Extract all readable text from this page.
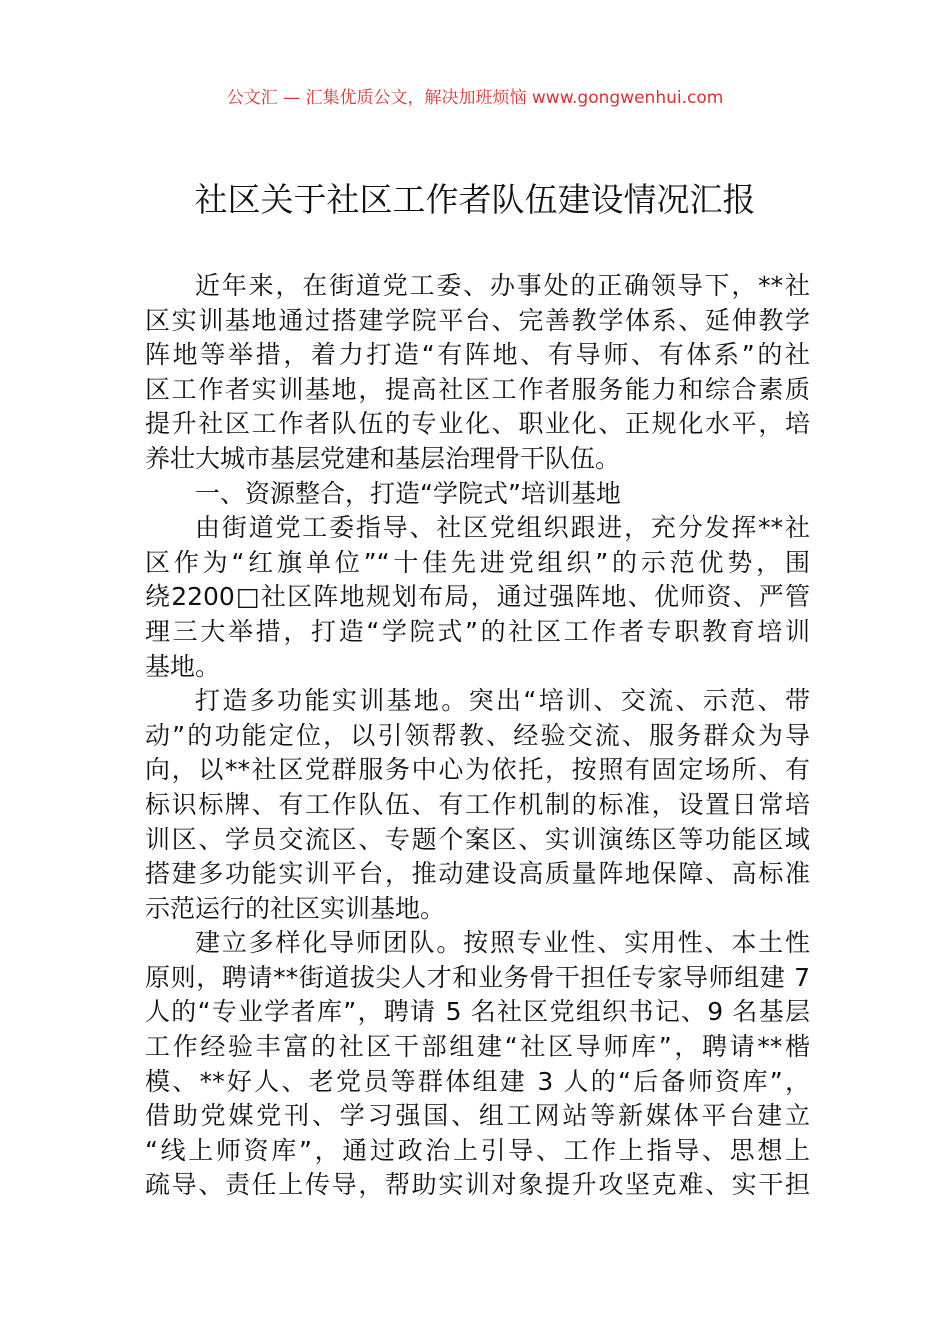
公文汇 — 汇集优质公文，解决加班烦恼 www.gongwenhui.com
社区关于社区工作者队伍建设情况汇报
近年来，在街道党工委、办事处的正确领导下，**社
区实训基地通过搭建学院平台、完善教学体系、延伸教学
阵地等举措，着力打造“有阵地、有导师、有体系”的社
区工作者实训基地，提高社区工作者服务能力和综合素质
提升社区工作者队伍的专业化、职业化、正规化水平，培
养壮大城市基层党建和基层治理骨干队伍。
一、资源整合，打造“学院式”培训基地
由街道党工委指导、社区党组织跟进，充分发挥**社
区作为“红旗单位”“十佳先进党组织”的示范优势，围
绕2200□社区阵地规划布局，通过强阵地、优师资、严管
理三大举措，打造“学院式”的社区工作者专职教育培训
基地。
打造多功能实训基地。突出“培训、交流、示范、带
动”的功能定位，以引领帮教、经验交流、服务群众为导
向，以**社区党群服务中心为依托，按照有固定场所、有
标识标牌、有工作队伍、有工作机制的标准，设置日常培
训区、学员交流区、专题个案区、实训演练区等功能区域
搭建多功能实训平台，推动建设高质量阵地保障、高标准
示范运行的社区实训基地。
建立多样化导师团队。按照专业性、实用性、本土性
原则，聘请**街道拔尖人才和业务骨干担任专家导师组建 7
人的“专业学者库”，聘请 5 名社区党组织书记、9 名基层
工作经验丰富的社区干部组建“社区导师库”，聘请**楷
模、**好人、老党员等群体组建 3 人的“后备师资库”，
借助党媒党刊、学习强国、组工网站等新媒体平台建立
“线上师资库”，通过政治上引导、工作上指导、思想上
疏导、责任上传导，帮助实训对象提升攻坚克难、实干担
